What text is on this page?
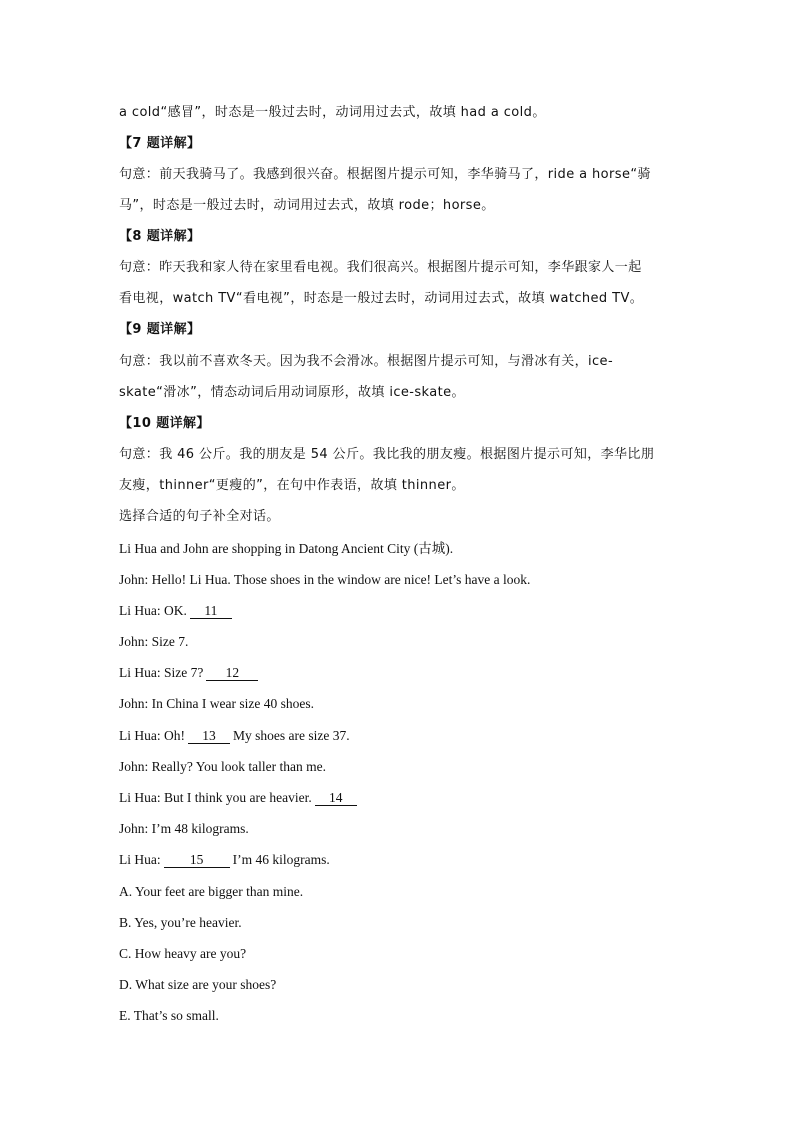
a cold“感冒”，时态是一般过去时，动词用过去式，故填 had a cold。
【7 题详解】
句意：前天我骑马了。我感到很兴奋。根据图片提示可知，李华骑马了，ride a horse“骑
马”，时态是一般过去时，动词用过去式，故填 rode；horse。
【8 题详解】
句意：昨天我和家人待在家里看电视。我们很高兴。根据图片提示可知，李华跟家人一起
看电视，watch TV“看电视”，时态是一般过去时，动词用过去式，故填 watched TV。
【9 题详解】
句意：我以前不喜欢冬天。因为我不会滑冰。根据图片提示可知，与滑冰有关，ice-
skate“滑冰”，情态动词后用动词原形，故填 ice-skate。
【10 题详解】
句意：我 46 公斤。我的朋友是 54 公斤。我比我的朋友瘦。根据图片提示可知，李华比朋
友瘦，thinner“更瘦的”，在句中作表语，故填 thinner。
选择合适的句子补全对话。
Li Hua and John are shopping in Datong Ancient City (古城).
John: Hello! Li Hua. Those shoes in the window are nice! Let’s have a look.
Li Hua: OK. 11
John: Size 7.
Li Hua: Size 7? 12
John: In China I wear size 40 shoes.
Li Hua: Oh! 13 My shoes are size 37.
John: Really? You look taller than me.
Li Hua: But I think you are heavier. 14
John: I’m 48 kilograms.
Li Hua: 15 I’m 46 kilograms.
A. Your feet are bigger than mine.
B. Yes, you’re heavier.
C. How heavy are you?
D. What size are your shoes?
E. That’s so small.
